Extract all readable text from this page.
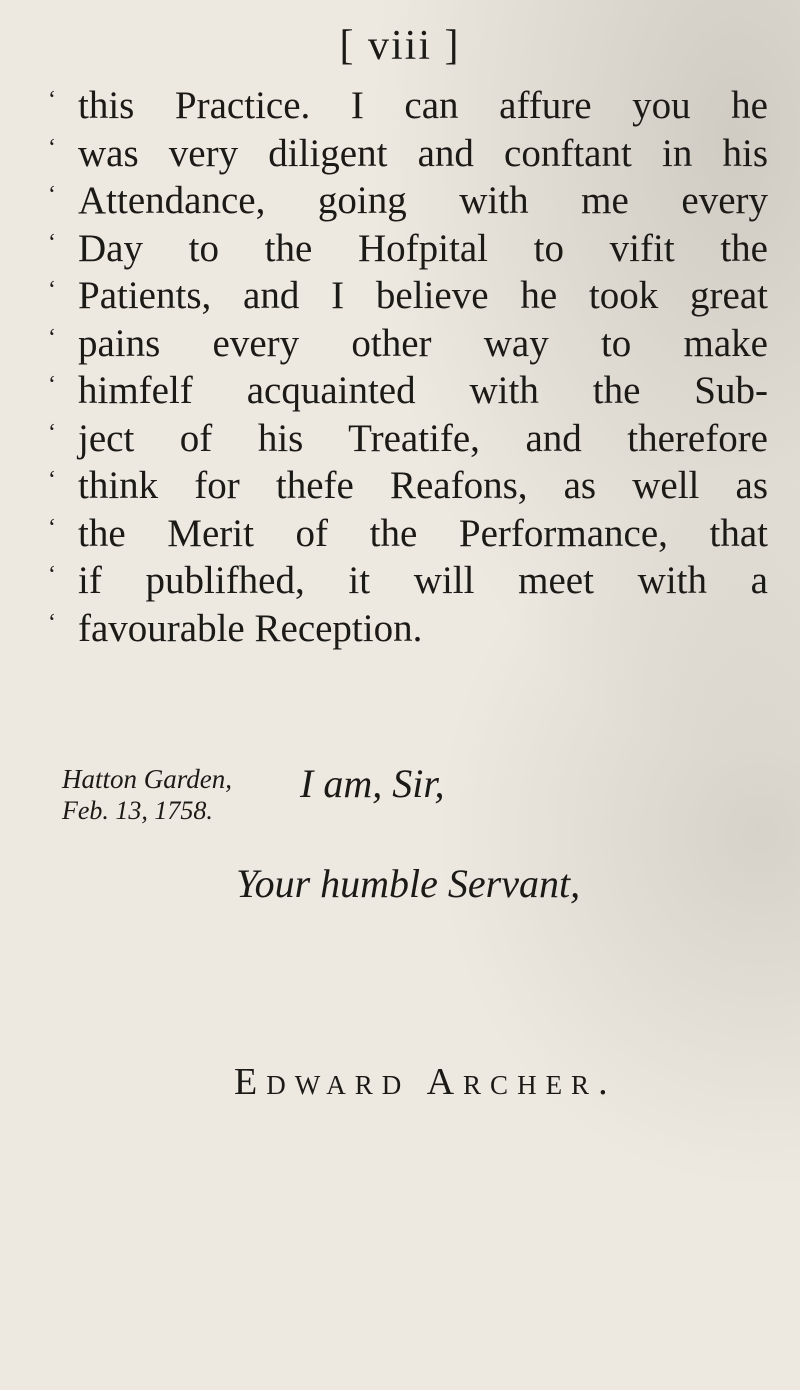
[ viii ]
‘ this Practice. I can affure you he
‘ was very diligent and conftant in his
‘ Attendance, going with me every
‘ Day to the Hofpital to vifit the
‘ Patients, and I believe he took great
‘ pains every other way to make
‘ himfelf acquainted with the Sub-
‘ ject of his Treatife, and therefore
‘ think for thefe Reafons, as well as
‘ the Merit of the Performance, that
‘ if publifhed, it will meet with a
‘ favourable Reception.
Hatton Garden,
Feb. 13, 1758.
I am, Sir,
Your humble Servant,
Edward Archer.
